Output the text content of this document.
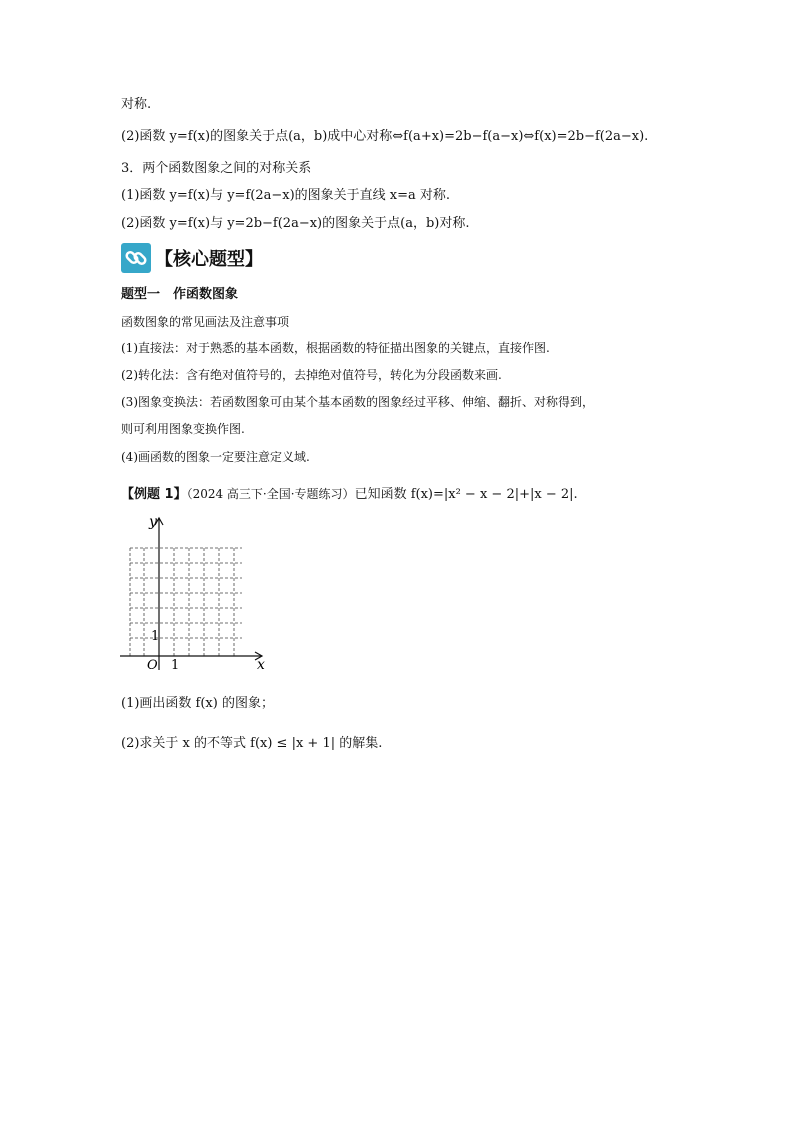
对称.
(2)函数 y=f(x)的图象关于点(a，b)成中心对称⇔f(a+x)=2b−f(a−x)⇔f(x)=2b−f(2a−x).
3．两个函数图象之间的对称关系
(1)函数 y=f(x)与 y=f(2a−x)的图象关于直线 x=a 对称.
(2)函数 y=f(x)与 y=2b−f(2a−x)的图象关于点(a，b)对称.
【核心题型】
题型一　作函数图象
函数图象的常见画法及注意事项
(1)直接法：对于熟悉的基本函数，根据函数的特征描出图象的关键点，直接作图.
(2)转化法：含有绝对值符号的，去掉绝对值符号，转化为分段函数来画.
(3)图象变换法：若函数图象可由某个基本函数的图象经过平移、伸缩、翻折、对称得到，
则可利用图象变换作图.
(4)画函数的图象一定要注意定义域.
【例题 1】（2024 高三下·全国·专题练习）已知函数 f(x)=|x² − x − 2|+|x − 2|.
y
x
O 1
1
(1)画出函数 f(x) 的图象；
(2)求关于 x 的不等式 f(x) ≤ |x + 1| 的解集.
